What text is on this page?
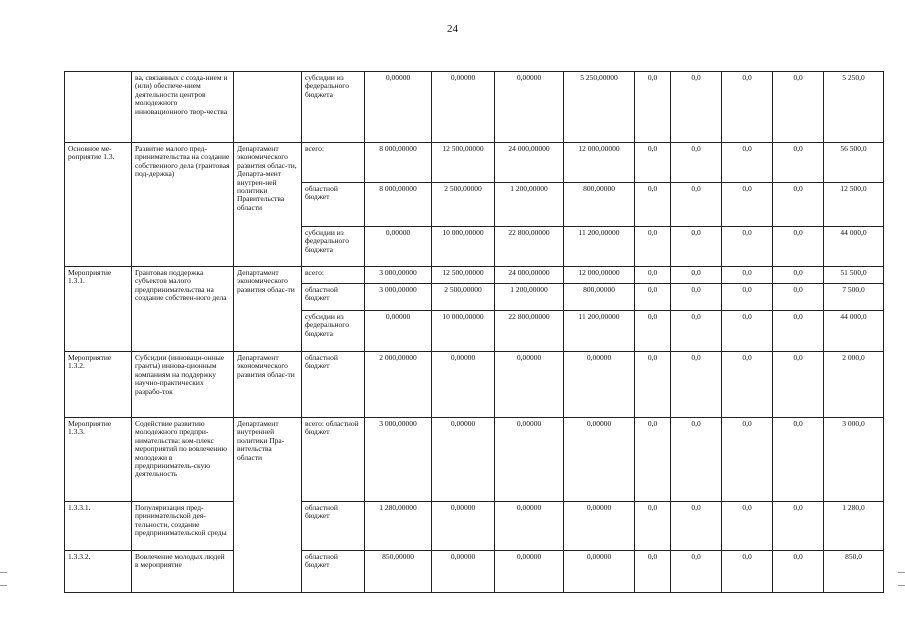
24
	ва, связанных с созда-нием и (или) обеспече-нием деятельности центров молодежного инновационного твор-чества		субсидии из федерального бюджета	0,00000	0,00000	0,00000	5 250,00000	0,0	0,0	0,0	0,0	5 250,0
Основное ме-роприятие 1.3.	Развитие малого пред-принимательства на создание собственного дела (грантовая под-держка)	Департамент экономического развития облас-ти, Департа-мент внутрен-ней политики Правительства области	всего:	8 000,00000	12 500,00000	24 000,00000	12 000,00000	0,0	0,0	0,0	0,0	56 500,0
			областной бюджет	8 000,00000	2 500,00000	1 200,00000	800,00000	0,0	0,0	0,0	0,0	12 500,0
			субсидии из федерального бюджета	0,00000	10 000,00000	22 800,00000	11 200,00000	0,0	0,0	0,0	0,0	44 000,0
Мероприятие 1.3.1.	Грантовая поддержка субъектов малого предпринимательства на создание собствен-ного дела	Департамент экономического развития облас-ти	всего:	3 000,00000	12 500,00000	24 000,00000	12 000,00000	0,0	0,0	0,0	0,0	51 500,0
			областной бюджет	3 000,00000	2 500,00000	1 200,00000	800,00000	0,0	0,0	0,0	0,0	7 500,0
			субсидии из федерального бюджета	0,00000	10 000,00000	22 800,00000	11 200,00000	0,0	0,0	0,0	0,0	44 000,0
Мероприятие 1.3.2.	Субсидии (инноваци-онные гранты) иннова-ционным компаниям на поддержку научно-практических разрабо-ток	Департамент экономического развития облас-ти	областной бюджет	2 000,00000	0,00000	0,00000	0,00000	0,0	0,0	0,0	0,0	2 000,0
Мероприятие 1.3.3.	Содействие развитию молодежного предпри-нимательства: ком-плекс мероприятий по вовлечению молодежи в предприниматель-скую деятельность	Департамент внутренней политики Пра-вительства области	всего: областной бюджет	3 000,00000	0,00000	0,00000	0,00000	0,0	0,0	0,0	0,0	3 000,0
1.3.3.1.	Популяризация пред-принимательской дея-тельности, создание предпринимательской среды		областной бюджет	1 280,00000	0,00000	0,00000	0,00000	0,0	0,0	0,0	0,0	1 280,0
1.3.3.2.	Вовлечение молодых людей в мероприятие		областной бюджет	850,00000	0,00000	0,00000	0,00000	0,0	0,0	0,0	0,0	850,0
